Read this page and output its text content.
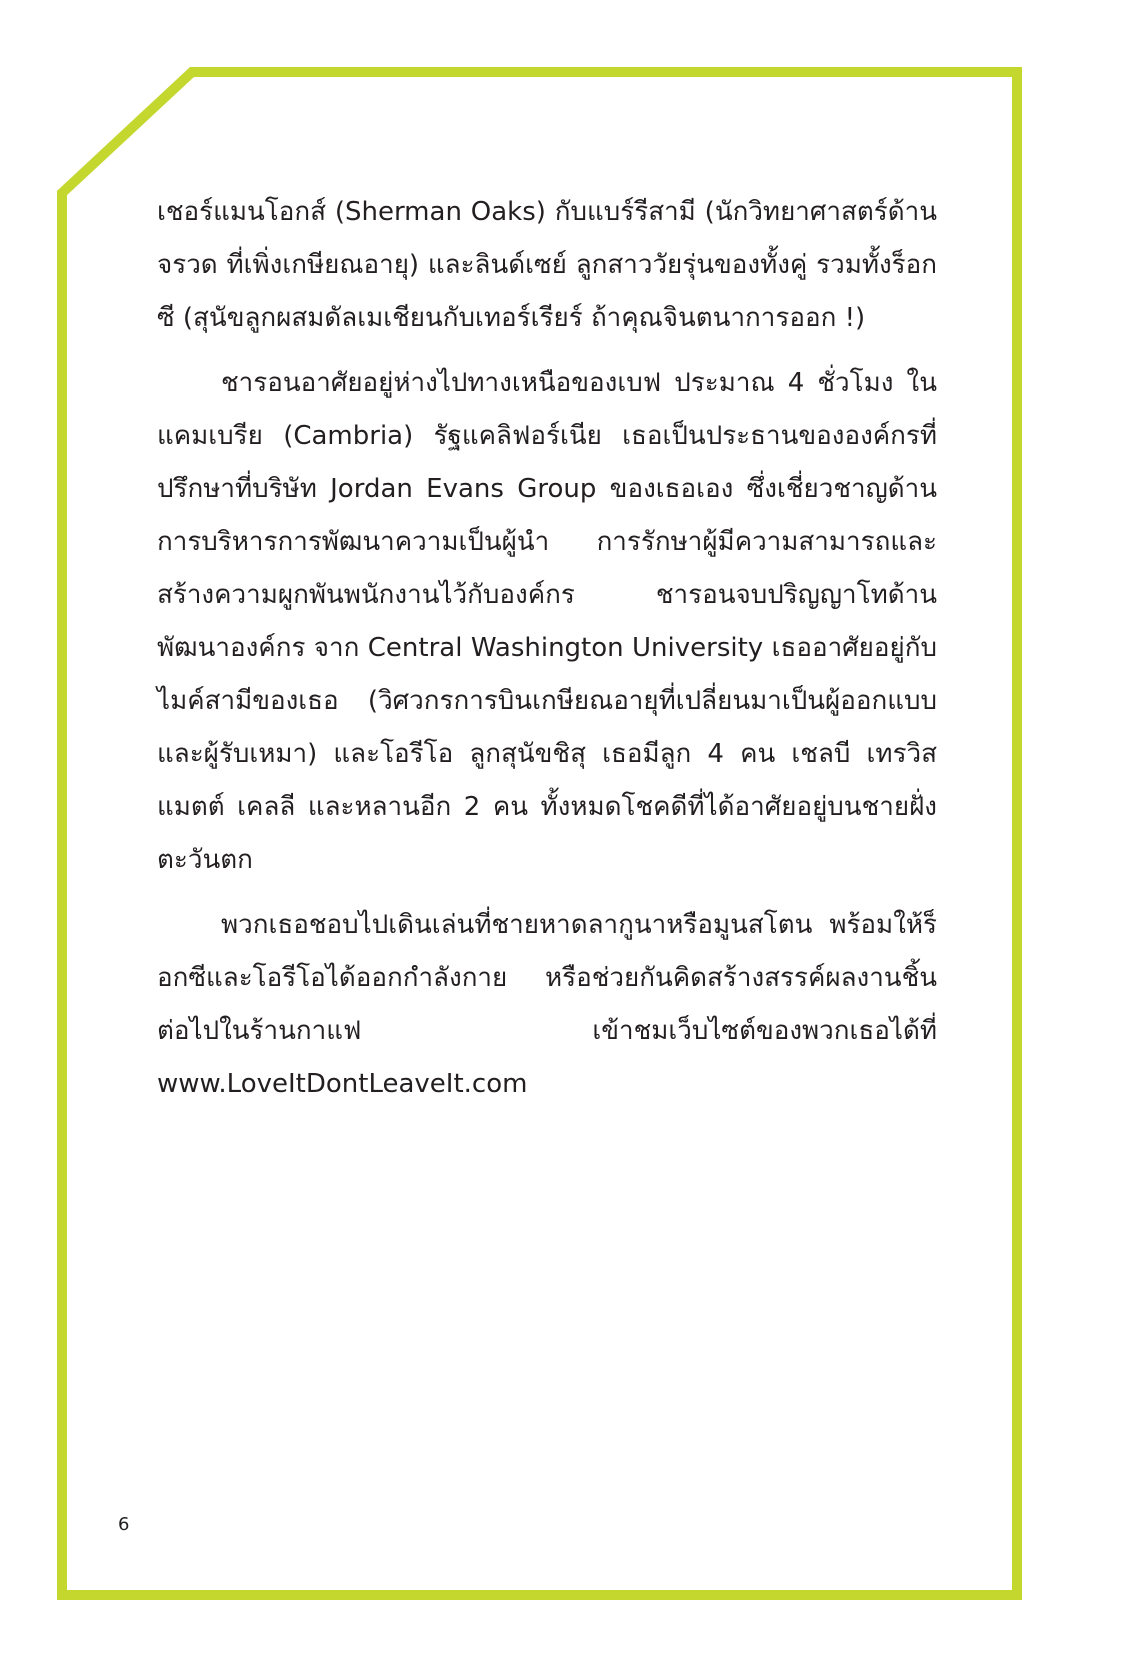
เชอร์แมนโอกส์ (Sherman Oaks) กับแบร์รีสามี (นักวิทยาศาสตร์ด้านจรวด ที่เพิ่งเกษียณอายุ) และลินด์เซย์ ลูกสาววัยรุ่นของทั้งคู่ รวมทั้งร็อกซี (สุนัขลูกผสมดัลเมเชียนกับเทอร์เรียร์ ถ้าคุณจินตนาการออก !)

ชารอนอาศัยอยู่ห่างไปทางเหนือของเบฟ ประมาณ 4 ชั่วโมง ในแคมเบรีย (Cambria) รัฐแคลิฟอร์เนีย เธอเป็นประธานขององค์กรที่ปรึกษาที่บริษัท Jordan Evans Group ของเธอเอง ซึ่งเชี่ยวชาญด้านการบริหารการพัฒนาความเป็นผู้นำ การรักษาผู้มีความสามารถและสร้างความผูกพันพนักงานไว้กับองค์กร ชารอนจบปริญญาโทด้านพัฒนาองค์กร จาก Central Washington University เธออาศัยอยู่กับไมค์สามีของเธอ (วิศวกรการบินเกษียณอายุที่เปลี่ยนมาเป็นผู้ออกแบบและผู้รับเหมา) และโอรีโอ ลูกสุนัขชิสุ เธอมีลูก 4 คน เชลบี เทรวิส แมตต์ เคลลี และหลานอีก 2 คน ทั้งหมดโชคดีที่ได้อาศัยอยู่บนชายฝั่งตะวันตก

พวกเธอชอบไปเดินเล่นที่ชายหาดลากูนาหรือมูนสโตน พร้อมให้ร็อกซีและโอรีโอได้ออกกำลังกาย หรือช่วยกันคิดสร้างสรรค์ผลงานชิ้นต่อไปในร้านกาแฟ เข้าชมเว็บไซต์ของพวกเธอได้ที่ www.LoveItDontLeaveIt.com

6
